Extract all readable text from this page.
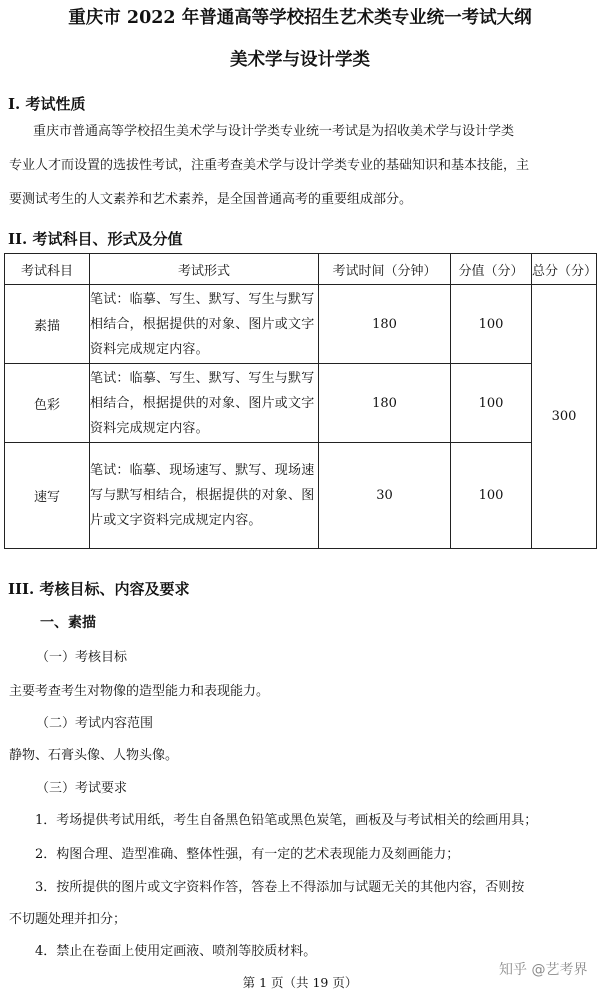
重庆市 2022 年普通高等学校招生艺术类专业统一考试大纲
美术学与设计学类
I. 考试性质
重庆市普通高等学校招生美术学与设计学类专业统一考试是为招收美术学与设计学类
专业人才而设置的选拔性考试，注重考查美术学与设计学类专业的基础知识和基本技能，主
要测试考生的人文素养和艺术素养，是全国普通高考的重要组成部分。
II. 考试科目、形式及分值
考试科目	考试形式	考试时间（分钟）	分值（分）	总分（分）
素描	笔试：临摹、写生、默写、写生与默写相结合，根据提供的对象、图片或文字资料完成规定内容。	180	100	300
色彩	笔试：临摹、写生、默写、写生与默写相结合，根据提供的对象、图片或文字资料完成规定内容。	180	100	
速写	笔试：临摹、现场速写、默写、现场速写与默写相结合，根据提供的对象、图片或文字资料完成规定内容。	30	100	
III. 考核目标、内容及要求
一、素描
（一）考核目标
主要考查考生对物像的造型能力和表现能力。
（二）考试内容范围
静物、石膏头像、人物头像。
（三）考试要求
1．考场提供考试用纸，考生自备黑色铅笔或黑色炭笔，画板及与考试相关的绘画用具；
2．构图合理、造型准确、整体性强，有一定的艺术表现能力及刻画能力；
3．按所提供的图片或文字资料作答，答卷上不得添加与试题无关的其他内容，否则按
不切题处理并扣分；
4．禁止在卷面上使用定画液、喷剂等胶质材料。
知乎 @艺考界
第 1 页（共 19 页）
